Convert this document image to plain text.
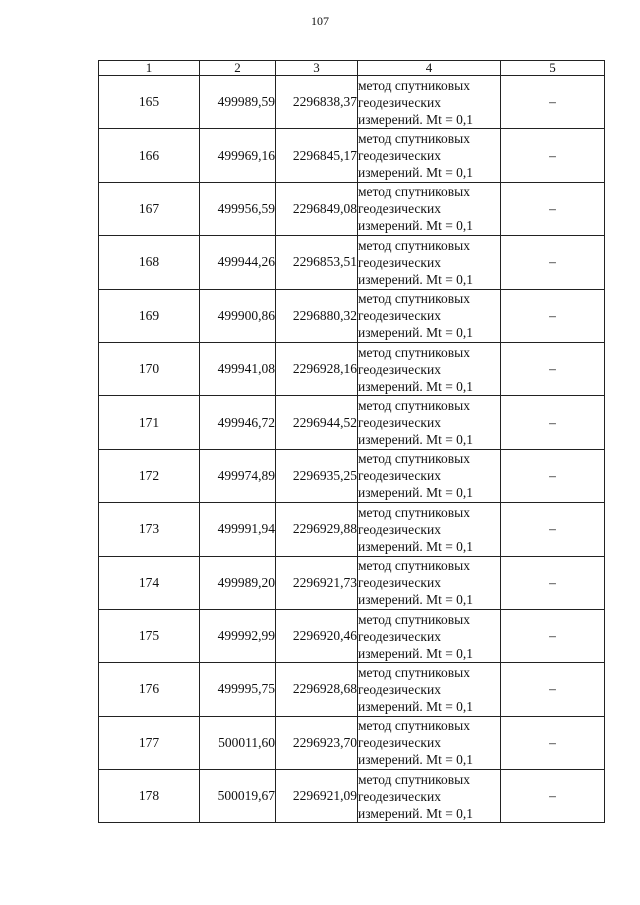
107
1	2	3	4	5
165	499989,59	2296838,37	метод спутниковых
геодезических
измерений. Mt = 0,1	–
166	499969,16	2296845,17	метод спутниковых
геодезических
измерений. Mt = 0,1	–
167	499956,59	2296849,08	метод спутниковых
геодезических
измерений. Mt = 0,1	–
168	499944,26	2296853,51	метод спутниковых
геодезических
измерений. Mt = 0,1	–
169	499900,86	2296880,32	метод спутниковых
геодезических
измерений. Mt = 0,1	–
170	499941,08	2296928,16	метод спутниковых
геодезических
измерений. Mt = 0,1	–
171	499946,72	2296944,52	метод спутниковых
геодезических
измерений. Mt = 0,1	–
172	499974,89	2296935,25	метод спутниковых
геодезических
измерений. Mt = 0,1	–
173	499991,94	2296929,88	метод спутниковых
геодезических
измерений. Mt = 0,1	–
174	499989,20	2296921,73	метод спутниковых
геодезических
измерений. Mt = 0,1	–
175	499992,99	2296920,46	метод спутниковых
геодезических
измерений. Mt = 0,1	–
176	499995,75	2296928,68	метод спутниковых
геодезических
измерений. Mt = 0,1	–
177	500011,60	2296923,70	метод спутниковых
геодезических
измерений. Mt = 0,1	–
178	500019,67	2296921,09	метод спутниковых
геодезических
измерений. Mt = 0,1	–
